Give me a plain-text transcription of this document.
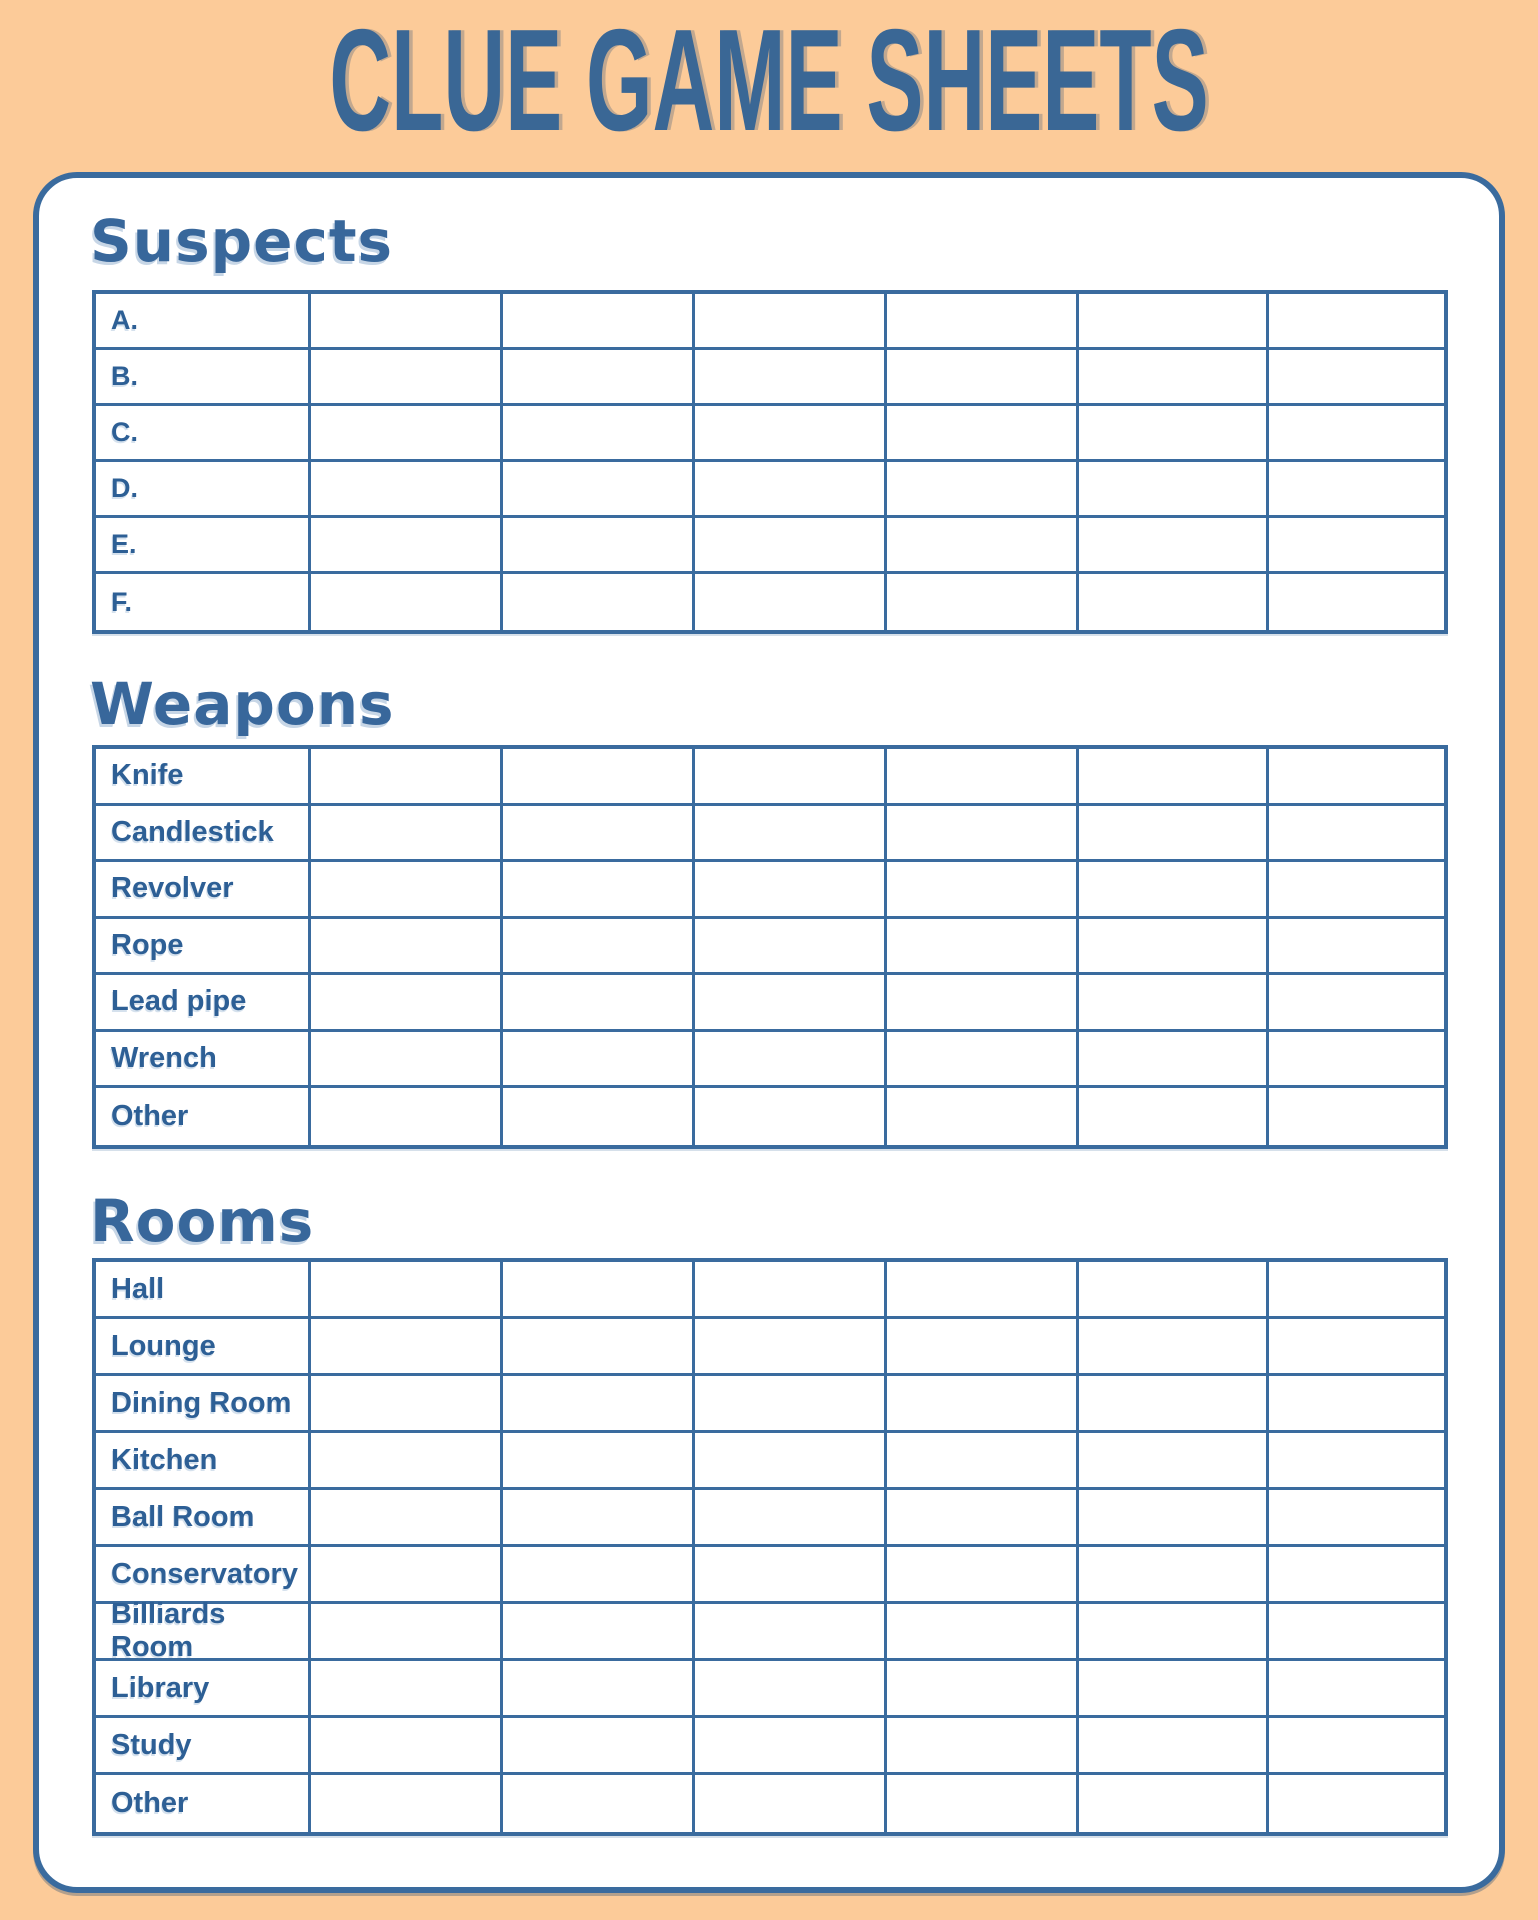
CLUE GAME SHEETS
Suspects
A.
B.
C.
D.
E.
F.
Weapons
Knife
Candlestick
Revolver
Rope
Lead pipe
Wrench
Other
Rooms
Hall
Lounge
Dining Room
Kitchen
Ball Room
Conservatory
Billiards Room
Library
Study
Other
